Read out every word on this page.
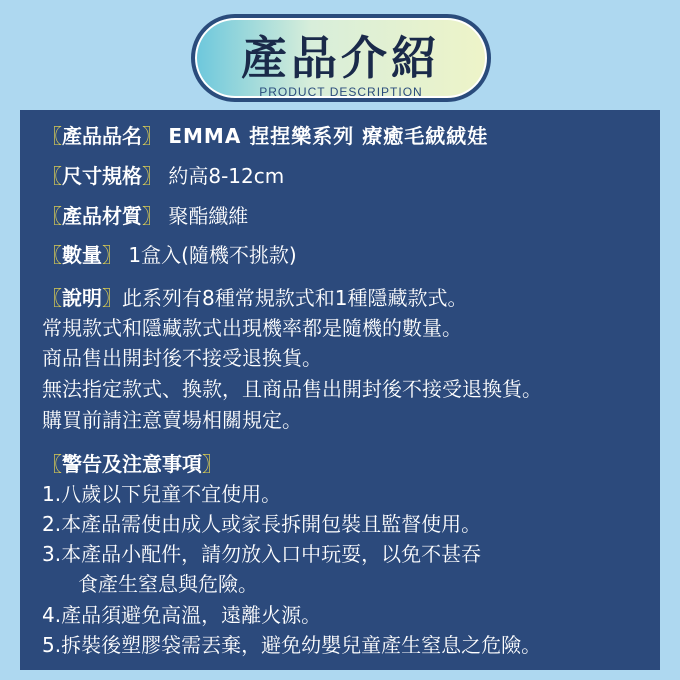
產品介紹
PRODUCT DESCRIPTION
〖產品品名〗 EMMA 捏捏樂系列 療癒毛絨絨娃
〖尺寸規格〗 約高8-12cm
〖產品材質〗 聚酯纖維
〖數量〗 1盒入(隨機不挑款)
〖說明〗此系列有8種常規款式和1種隱藏款式。
常規款式和隱藏款式出現機率都是隨機的數量。
商品售出開封後不接受退換貨。
無法指定款式、換款，且商品售出開封後不接受退換貨。
購買前請注意賣場相關規定。
〖警告及注意事項〗
1.八歲以下兒童不宜使用。
2.本產品需使由成人或家長拆開包裝且監督使用。
3.本產品小配件，請勿放入口中玩耍，以免不甚吞
食產生窒息與危險。
4.產品須避免高溫，遠離火源。
5.拆裝後塑膠袋需丟棄，避免幼嬰兒童產生窒息之危險。
